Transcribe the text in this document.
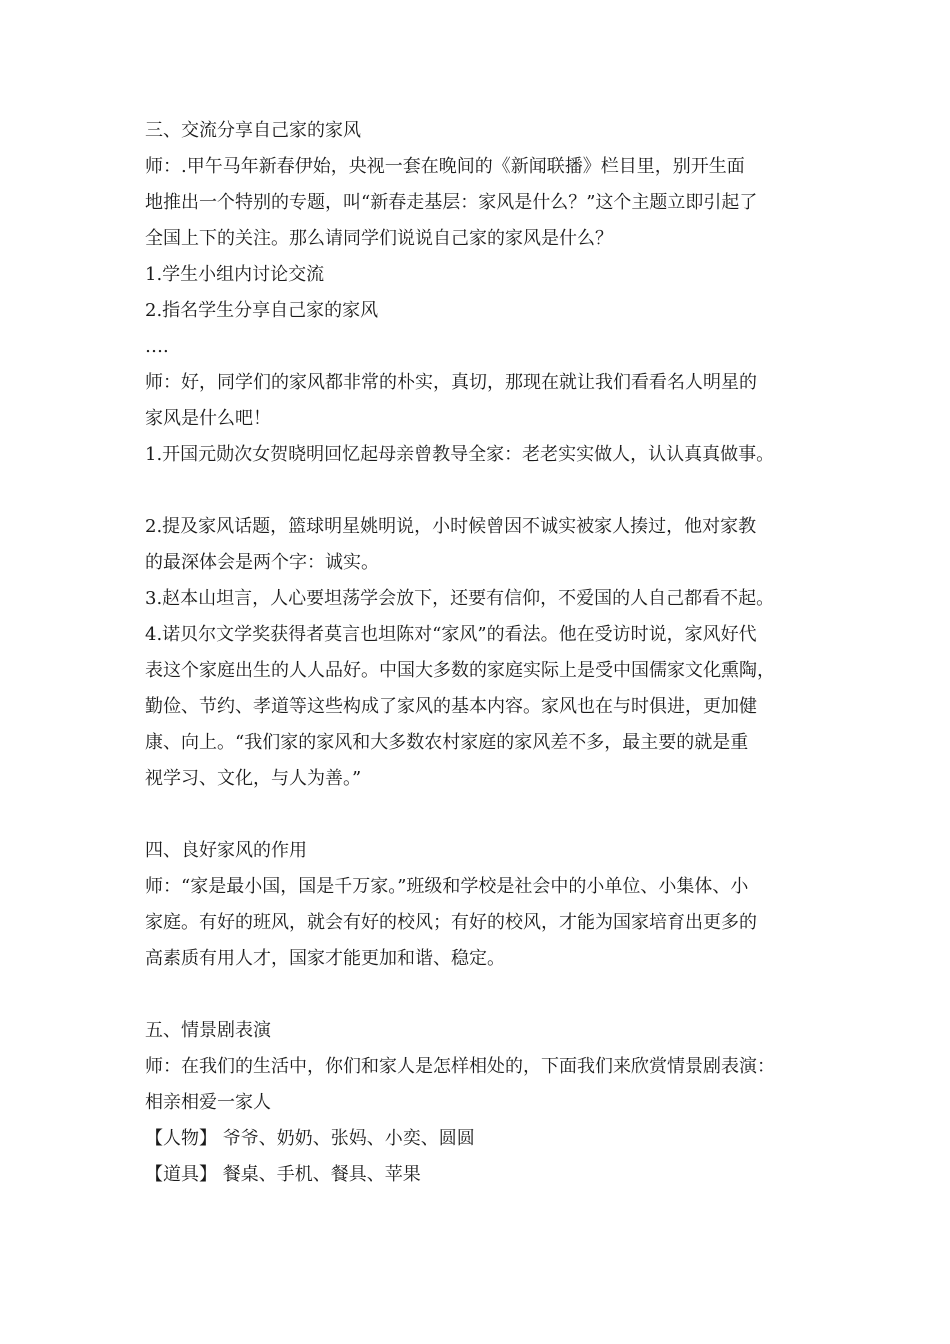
三、交流分享自己家的家风
师：.甲午马年新春伊始，央视一套在晚间的《新闻联播》栏目里，别开生面
地推出一个特别的专题，叫“新春走基层：家风是什么？”这个主题立即引起了
全国上下的关注。那么请同学们说说自己家的家风是什么？
1.学生小组内讨论交流
2.指名学生分享自己家的家风
….
师：好，同学们的家风都非常的朴实，真切，那现在就让我们看看名人明星的
家风是什么吧！
1.开国元勋次女贺晓明回忆起母亲曾教导全家：老老实实做人，认认真真做事。
2.提及家风话题，篮球明星姚明说，小时候曾因不诚实被家人揍过，他对家教
的最深体会是两个字：诚实。
3.赵本山坦言，人心要坦荡学会放下，还要有信仰，不爱国的人自己都看不起。
4.诺贝尔文学奖获得者莫言也坦陈对“家风”的看法。他在受访时说，家风好代
表这个家庭出生的人人品好。中国大多数的家庭实际上是受中国儒家文化熏陶，
勤俭、节约、孝道等这些构成了家风的基本内容。家风也在与时俱进，更加健
康、向上。“我们家的家风和大多数农村家庭的家风差不多，最主要的就是重
视学习、文化，与人为善。”
四、良好家风的作用
师：“家是最小国，国是千万家。”班级和学校是社会中的小单位、小集体、小
家庭。有好的班风，就会有好的校风；有好的校风，才能为国家培育出更多的
高素质有用人才，国家才能更加和谐、稳定。
五、情景剧表演
师：在我们的生活中，你们和家人是怎样相处的，下面我们来欣赏情景剧表演：
相亲相爱一家人
【人物】 爷爷、奶奶、张妈、小奕、圆圆
【道具】 餐桌、手机、餐具、苹果
